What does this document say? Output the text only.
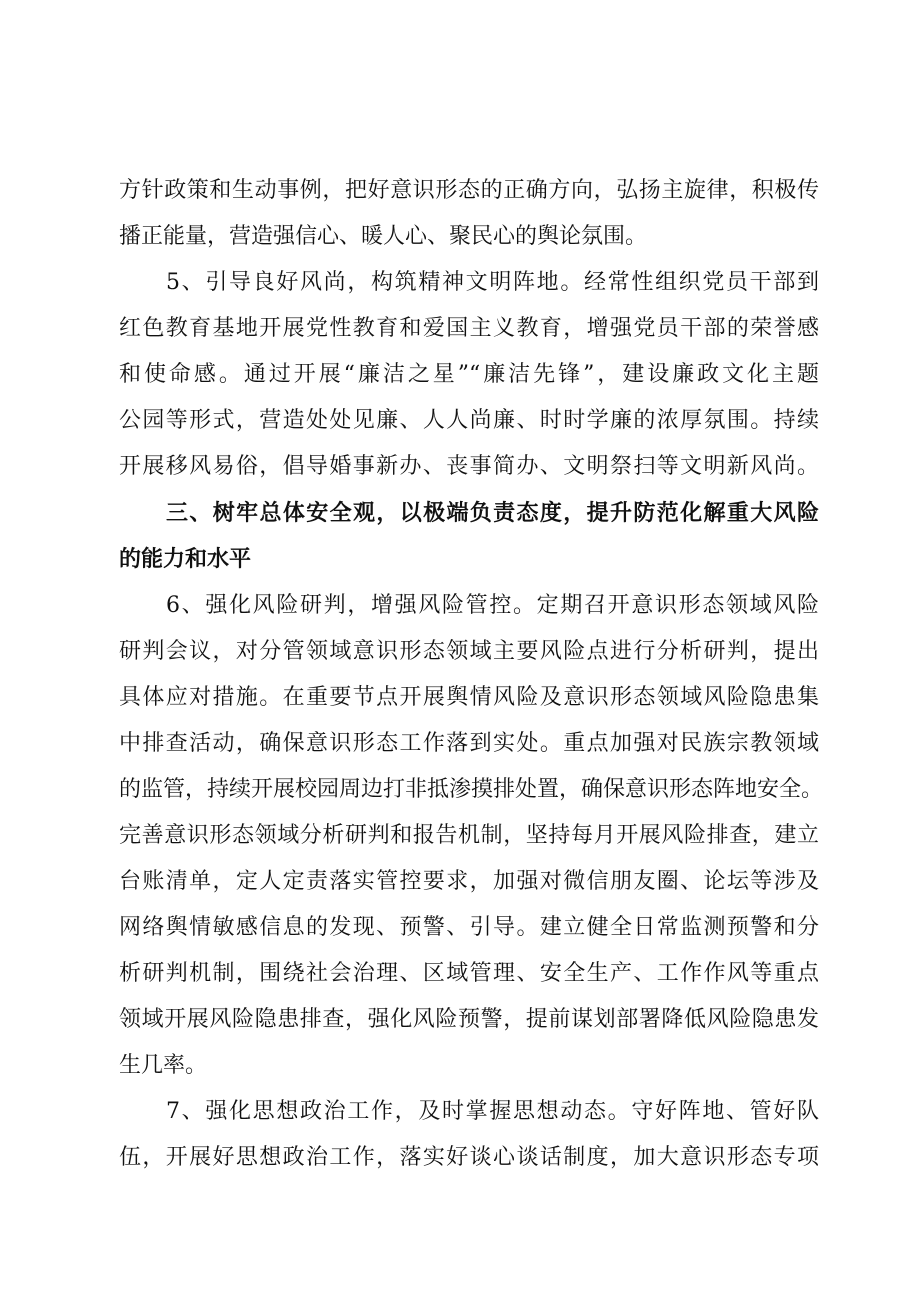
方针政策和生动事例，把好意识形态的正确方向，弘扬主旋律，积极传
播正能量，营造强信心、暖人心、聚民心的舆论氛围。
5、引导良好风尚，构筑精神文明阵地。经常性组织党员干部到
红色教育基地开展党性教育和爱国主义教育，增强党员干部的荣誉感
和使命感。通过开展“廉洁之星”“廉洁先锋”，建设廉政文化主题
公园等形式，营造处处见廉、人人尚廉、时时学廉的浓厚氛围。持续
开展移风易俗，倡导婚事新办、丧事简办、文明祭扫等文明新风尚。
三、树牢总体安全观，以极端负责态度，提升防范化解重大风险
的能力和水平
6、强化风险研判，增强风险管控。定期召开意识形态领域风险
研判会议，对分管领域意识形态领域主要风险点进行分析研判，提出
具体应对措施。在重要节点开展舆情风险及意识形态领域风险隐患集
中排查活动，确保意识形态工作落到实处。重点加强对民族宗教领域
的监管，持续开展校园周边打非抵渗摸排处置，确保意识形态阵地安全。
完善意识形态领域分析研判和报告机制，坚持每月开展风险排查，建立
台账清单，定人定责落实管控要求，加强对微信朋友圈、论坛等涉及
网络舆情敏感信息的发现、预警、引导。建立健全日常监测预警和分
析研判机制，围绕社会治理、区域管理、安全生产、工作作风等重点
领域开展风险隐患排查，强化风险预警，提前谋划部署降低风险隐患发
生几率。
7、强化思想政治工作，及时掌握思想动态。守好阵地、管好队
伍，开展好思想政治工作，落实好谈心谈话制度，加大意识形态专项
